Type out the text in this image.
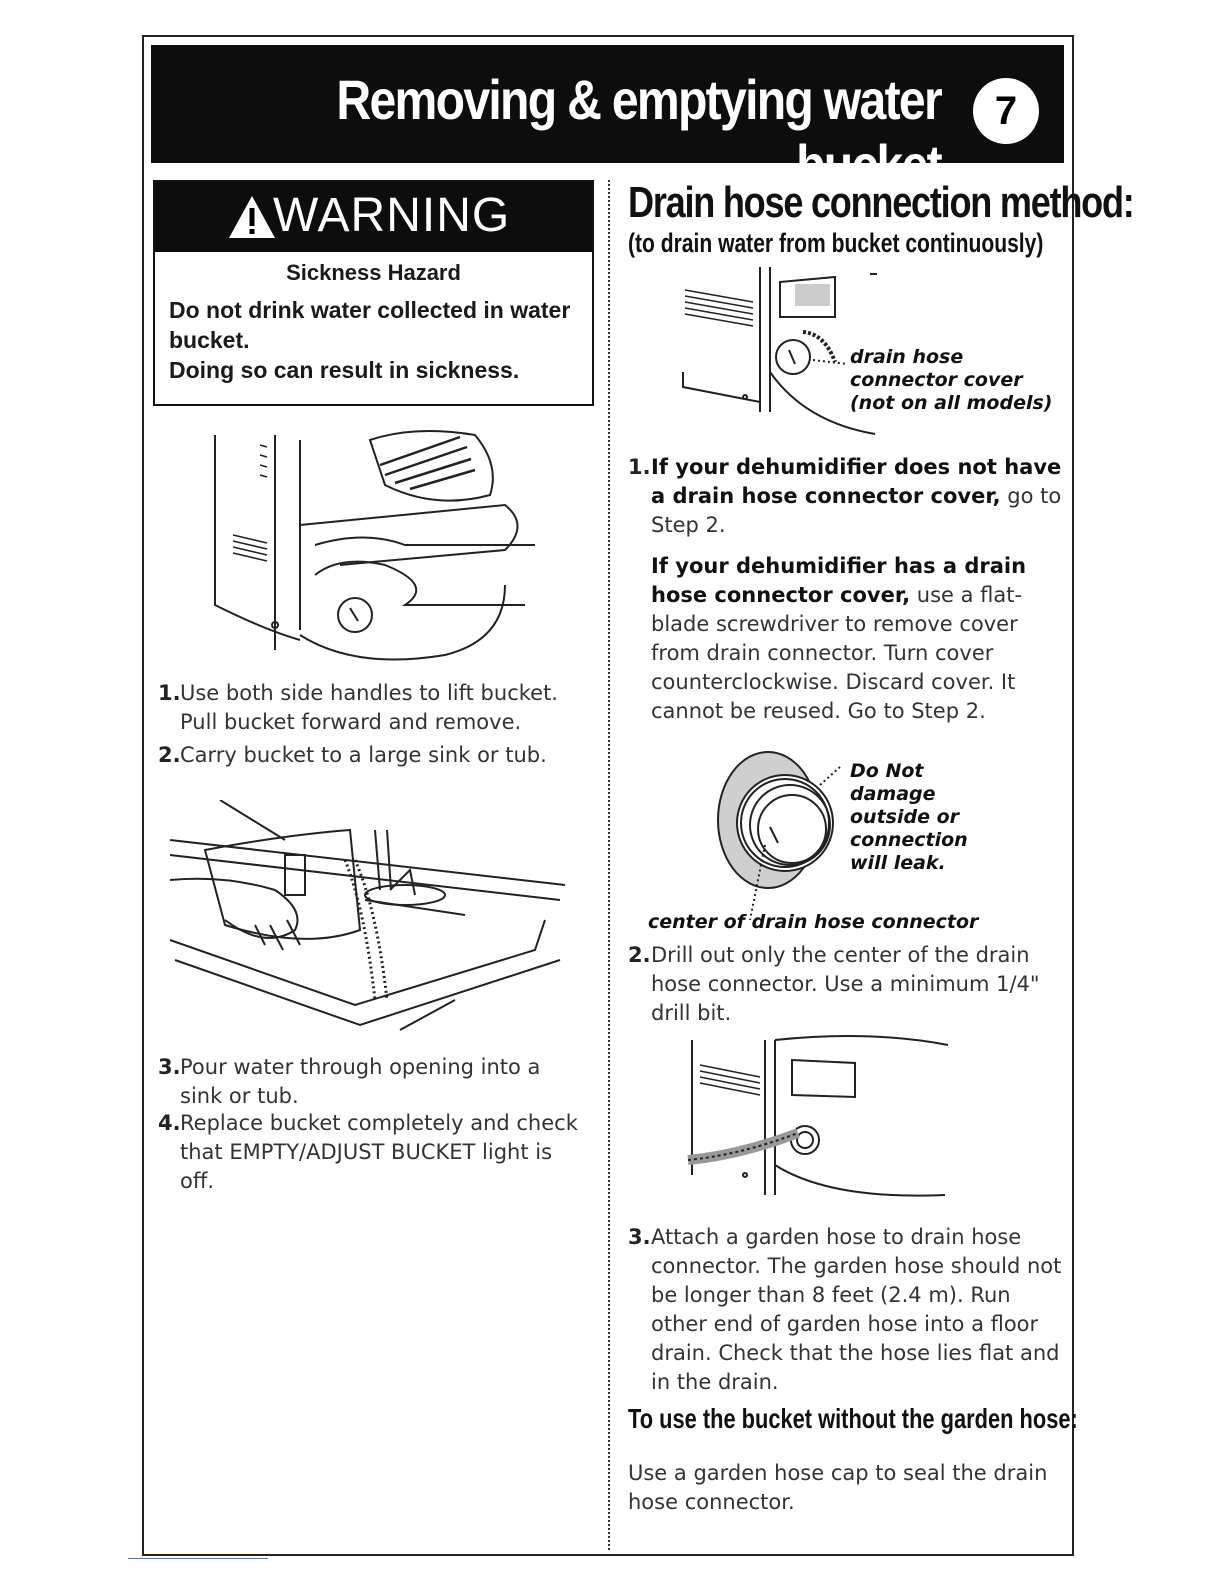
Removing & emptying water bucket
7
WARNING
Sickness Hazard
Do not drink water collected in water bucket.
Doing so can result in sickness.
1. Use both side handles to lift bucket. Pull bucket forward and remove.
2. Carry bucket to a large sink or tub.
3. Pour water through opening into a sink or tub.
4. Replace bucket completely and check that EMPTY/ADJUST BUCKET light is off.
Drain hose connection method:
(to drain water from bucket continuously)
drain hose
connector cover
(not on all models)
1. If your dehumidifier does not have a drain hose connector cover, go to Step 2.
If your dehumidifier has a drain hose connector cover, use a flat-blade screwdriver to remove cover from drain connector. Turn cover counterclockwise. Discard cover. It cannot be reused. Go to Step 2.
Do Not
damage
outside or
connection
will leak.
center of drain hose connector
2. Drill out only the center of the drain hose connector. Use a minimum 1/4" drill bit.
3. Attach a garden hose to drain hose connector. The garden hose should not be longer than 8 feet (2.4 m). Run other end of garden hose into a floor drain. Check that the hose lies flat and in the drain.
To use the bucket without the garden hose:
Use a garden hose cap to seal the drain hose connector.
